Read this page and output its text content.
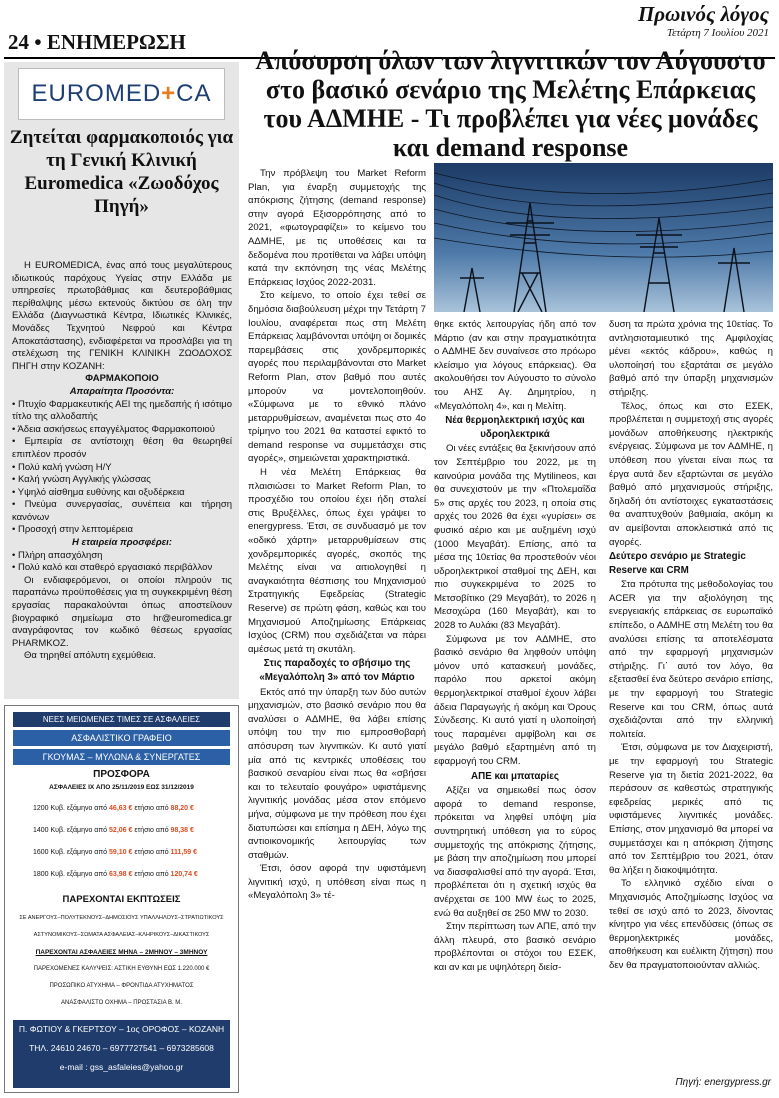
Πρωινός λόγος
Τετάρτη 7 Ιουλίου 2021
24 • ΕΝΗΜΕΡΩΣΗ
EUROMED + CA
Ζητείται φαρμακοποιός για τη Γενική Κλινική Euromedica «Ζωοδόχος Πηγή»

Η EUROMEDICA, ένας από τους μεγαλύτερους ιδιωτικούς παρόχους Υγείας στην Ελλάδα με υπηρεσίες πρωτοβάθμιας και δευτεροβάθμιας περίθαλψης μέσω εκτενούς δικτύου σε όλη την Ελλάδα (Διαγνωστικά Κέντρα, Ιδιωτικές Κλινικές, Μονάδες Τεχνητού Νεφρού και Κέντρα Αποκατάστασης), ενδιαφέρεται να προσλάβει για τη στελέχωση της ΓΕΝΙΚΗ ΚΛΙΝΙΚΗ ΖΩΟΔΟΧΟΣ ΠΗΓΗ στην ΚΟΖΑΝΗ:

ΦΑΡΜΑΚΟΠΟΙΟ

Απαραίτητα Προσόντα:

• Πτυχίο Φαρμακευτικής ΑΕΙ της ημεδαπής ή ισότιμο τίτλο της αλλοδαπής

• Άδεια ασκήσεως επαγγέλματος Φαρμακοποιού

• Εμπειρία σε αντίστοιχη θέση θα θεωρηθεί επιπλέον προσόν

• Πολύ καλή γνώση Η/Υ

• Καλή γνώση Αγγλικής γλώσσας

• Υψηλό αίσθημα ευθύνης και οξυδέρκεια

• Πνεύμα συνεργασίας, συνέπεια και τήρηση κανόνων

• Προσοχή στην λεπτομέρεια

Η εταιρεία προσφέρει:

• Πλήρη απασχόληση

• Πολύ καλό και σταθερό εργασιακό περιβάλλον

Οι ενδιαφερόμενοι, οι οποίοι πληρούν τις παραπάνω προϋποθέσεις για τη συγκεκριμένη θέση εργασίας παρακαλούνται όπως αποστείλουν βιογραφικό σημείωμα στο hr@euromedica.gr αναγράφοντας τον κωδικό θέσεως εργασίας PHARMKOZ.

Θα τηρηθεί απόλυτη εχεμύθεια.

ΝΕΕΣ ΜΕΙΩΜΕΝΕΣ ΤΙΜΕΣ ΣΕ ΑΣΦΑΛΕΙΕΣ
ΑΣΦΑΛΙΣΤΙΚΟ ΓΡΑΦΕΙΟ
ΓΚΟΥΜΑΣ – ΜΥΛΩΝΑ & ΣΥΝΕΡΓΑΤΕΣ
ΠΡΟΣΦΟΡΑ
ΑΣΦΑΛΕΙΕΣ ΙΧ ΑΠΟ 25/11/2019 ΕΩΣ 31/12/2019
1200 Κυβ. εξάμηνο από 46,63 € ετήσιο από 88,20 €
1400 Κυβ. εξάμηνο από 52,06 € ετήσιο από 98,38 €
1600 Κυβ. εξάμηνο από 59,10 € ετήσιο από 111,59 €
1800 Κυβ. εξάμηνο από 63,98 € ετήσιο από 120,74 €
ΠΑΡΕΧΟΝΤΑΙ ΕΚΠΤΩΣΕΙΣ
ΣΕ ΑΝΕΡΓΟΥΣ–ΠΟΛΥΤΕΚΝΟΥΣ–ΔΗΜΟΣΙΟΥΣ ΥΠΑΛΛΗΛΟΥΣ–ΣΤΡΑΤΙΩΤΙΚΟΥΣ
ΑΣΤΥΝΟΜΙΚΟΥΣ–ΣΩΜΑΤΑ ΑΣΦΑΛΕΙΑΣ–ΚΛΗΡΙΚΟΥΣ–ΔΙΚΑΣΤΙΚΟΥΣ
ΠΑΡΕΧΟΝΤΑΙ ΑΣΦΑΛΕΙΕΣ ΜΗΝΑ – 2ΜΗΝΟΥ – 3ΜΗΝΟΥ
ΠΑΡΕΧΟΜΕΝΕΣ ΚΑΛΥΨΕΙΣ: ΑΣΤΙΚΗ ΕΥΘΥΝΗ ΕΩΣ 1.220.000 €
ΠΡΟΣΩΠΙΚΟ ΑΤΥΧΗΜΑ – ΦΡΟΝΤΙΔΑ ΑΤΥΧΗΜΑΤΟΣ
ΑΝΑΣΦΑΛΙΣΤΟ ΟΧΗΜΑ – ΠΡΟΣΤΑΣΙΑ Β. Μ.
Π. ΦΩΤΙΟΥ & ΓΚΕΡΤΣΟΥ – 1ος ΟΡΟΦΟΣ – ΚΟΖΑΝΗ
ΤΗΛ. 24610 24670 – 6977727541 – 6973285608
e-mail : gss_asfaleies@yahoo.gr
Απόσυρση όλων των λιγνιτικών τον Αύγουστο στο βασικό σενάριο της Μελέτης Επάρκειας του ΑΔΜΗΕ - Τι προβλέπει για νέες μονάδες και demand response

Την πρόβλεψη του Market Reform Plan, για έναρξη συμμετοχής της απόκρισης ζήτησης (demand response) στην αγορά Εξισορρόπησης από το 2021, «φωτογραφίζει» το κείμενο του ΑΔΜΗΕ, με τις υποθέσεις και τα δεδομένα που προτίθεται να λάβει υπόψη κατά την εκπόνηση της νέας Μελέτης Επάρκειας Ισχύος 2022-2031.

Στο κείμενο, το οποίο έχει τεθεί σε δημόσια διαβούλευση μέχρι την Τετάρτη 7 Ιουλίου, αναφέρεται πως στη Μελέτη Επάρκειας λαμβάνονται υπόψη οι δομικές παρεμβάσεις στις χονδρεμπορικές αγορές που περιλαμβάνονται στο Market Reform Plan, στον βαθμό που αυτές μπορούν να μοντελοποιηθούν. «Σύμφωνα με το εθνικό πλάνο μεταρρυθμίσεων, αναμένεται πως στο 4ο τρίμηνο του 2021 θα καταστεί εφικτό το demand response να συμμετάσχει στις αγορές», σημειώνεται χαρακτηριστικά.

Η νέα Μελέτη Επάρκειας θα πλαισιώσει το Market Reform Plan, το προσχέδιο του οποίου έχει ήδη σταλεί στις Βρυξέλλες, όπως έχει γράψει το energypress. Έτσι, σε συνδυασμό με τον «οδικό χάρτη» μεταρρυθμίσεων στις χονδρεμπορικές αγορές, σκοπός της Μελέτης είναι να αιτιολογηθεί η αναγκαιότητα θέσπισης του Μηχανισμού Στρατηγικής Εφεδρείας (Strategic Reserve) σε πρώτη φάση, καθώς και του Μηχανισμού Αποζημίωσης Επάρκειας Ισχύος (CRM) που σχεδιάζεται να πάρει αμέσως μετά τη σκυτάλη.

Στις παραδοχές το σβήσιμο της «Μεγαλόπολη 3» από τον Μάρτιο

Εκτός από την ύπαρξη των δύο αυτών μηχανισμών, στο βασικό σενάριο που θα αναλύσει ο ΑΔΜΗΕ, θα λάβει επίσης υπόψη του την πιο εμπροσθοβαρή απόσυρση των λιγνιτικών. Κι αυτό γιατί μία από τις κεντρικές υποθέσεις του βασικού σεναρίου είναι πως θα «σβήσει και το τελευταίο φουγάρο» υφιστάμενης λιγνιτικής μονάδας μέσα στον επόμενο μήνα, σύμφωνα με την πρόθεση που έχει διατυπώσει και επίσημα η ΔΕΗ, λόγω της αντιοικονομικής λειτουργίας των σταθμών.

Έτσι, όσον αφορά την υφιστάμενη λιγνιτική ισχύ, η υπόθεση είναι πως η «Μεγαλόπολη 3» τέ-

θηκε εκτός λειτουργίας ήδη από τον Μάρτιο (αν και στην πραγματικότητα ο ΑΔΜΗΕ δεν συναίνεσε στο πρόωρο κλείσιμο για λόγους επάρκειας). Θα ακολουθήσει τον Αύγουστο το σύνολο του ΑΗΣ Αγ. Δημητρίου, η «Μεγαλόπολη 4», και η Μελίτη.

Νέα θερμοηλεκτρική ισχύς και υδροηλεκτρικά

Οι νέες εντάξεις θα ξεκινήσουν από τον Σεπτέμβριο του 2022, με τη καινούρια μονάδα της Mytilineos, και θα συνεχιστούν με την «Πτολεμαΐδα 5» στις αρχές του 2023, η οποία στις αρχές του 2026 θα έχει «γυρίσει» σε φυσικό αέριο και με αυξημένη ισχύ (1000 Μεγαβάτ). Επίσης, από τα μέσα της 10ετίας θα προστεθούν νέοι υδροηλεκτρικοί σταθμοί της ΔΕΗ, και πιο συγκεκριμένα το 2025 το Μετσοβίτικο (29 Μεγαβάτ), το 2026 η Μεσοχώρα (160 Μεγαβάτ), και το 2028 το Αυλάκι (83 Μεγαβάτ).

Σύμφωνα με τον ΑΔΜΗΕ, στο βασικό σενάριο θα ληφθούν υπόψη μόνον υπό κατασκευή μονάδες, παρόλο που αρκετοί ακόμη θερμοηλεκτρικοί σταθμοί έχουν λάβει άδεια Παραγωγής ή ακόμη και Όρους Σύνδεσης. Κι αυτό γιατί η υλοποίησή τους παραμένει αμφίβολη και σε μεγάλο βαθμό εξαρτημένη από τη εφαρμογή του CRM.

ΑΠΕ και μπαταρίες

Αξίζει να σημειωθεί πως όσον αφορά το demand response, πρόκειται να ληφθεί υπόψη μία συντηρητική υπόθεση για το εύρος συμμετοχής της απόκρισης ζήτησης, με βάση την αποζημίωση που μπορεί να διασφαλισθεί από την αγορά. Έτσι, προβλέπεται ότι η σχετική ισχύς θα ανέρχεται σε 100 MW έως το 2025, ενώ θα αυξηθεί σε 250 MW το 2030.

Στην περίπτωση των ΑΠΕ, από την άλλη πλευρά, στο βασικό σενάριο προβλέπονται οι στόχοι του ΕΣΕΚ, και αν και με υψηλότερη διείσ-

δυση τα πρώτα χρόνια της 10ετίας. Το αντλησιοταμιευτικό της Αμφιλοχίας μένει «εκτός κάδρου», καθώς η υλοποίησή του εξαρτάται σε μεγάλο βαθμό από την ύπαρξη μηχανισμών στήριξης.

Τέλος, όπως και στο ΕΣΕΚ, προβλέπεται η συμμετοχή στις αγορές μονάδων αποθήκευσης ηλεκτρικής ενέργειας. Σύμφωνα με τον ΑΔΜΗΕ, η υπόθεση που γίνεται είναι πως τα έργα αυτά δεν εξαρτώνται σε μεγάλο βαθμό από μηχανισμούς στήριξης, δηλαδή ότι αντίστοιχες εγκαταστάσεις θα αναπτυχθούν βαθμιαία, ακόμη κι αν αμείβονται αποκλειστικά από τις αγορές.

Δεύτερο σενάριο με Strategic Reserve και CRM

Στα πρότυπα της μεθοδολογίας του ACER για την αξιολόγηση της ενεργειακής επάρκειας σε ευρωπαϊκό επίπεδο, ο ΑΔΜΗΕ στη Μελέτη του θα αναλύσει επίσης τα αποτελέσματα από την εφαρμογή μηχανισμών στήριξης. Γι΄ αυτό τον λόγο, θα εξετασθεί ένα δεύτερο σενάριο επίσης, με την εφαρμογή του Strategic Reserve και του CRM, όπως αυτά σχεδιάζονται από την ελληνική πολιτεία.

Έτσι, σύμφωνα με τον Διαχειριστή, με την εφαρμογή του Strategic Reserve για τη διετία 2021-2022, θα περάσουν σε καθεστώς στρατηγικής εφεδρείας μερικές από τις υφιστάμενες λιγνιτικές μονάδες. Επίσης, στον μηχανισμό θα μπορεί να συμμετάσχει και η απόκριση ζήτησης από τον Σεπτέμβριο του 2021, όταν θα λήξει η διακοψιμότητα.

Το ελληνικό σχέδιο είναι ο Μηχανισμός Αποζημίωσης Ισχύος να τεθεί σε ισχύ από το 2023, δίνοντας κίνητρο για νέες επενδύσεις (όπως σε θερμοηλεκτρικές μονάδες, αποθήκευση και ευέλικτη ζήτηση) που δεν θα πραγματοποιούνταν αλλιώς.

Πηγή: energypress.gr
